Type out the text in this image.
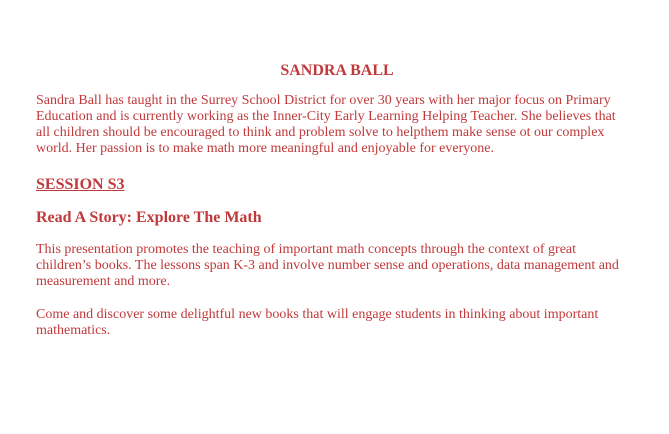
SANDRA BALL

Sandra Ball has taught in the Surrey School District for over 30 years with her major focus on Primary Education and is currently working as the Inner-City Early Learning Helping Teacher. She believes that all children should be encouraged to think and problem solve to helpthem make sense ot our complex world. Her passion is to make math more meaningful and enjoyable for everyone.

SESSION S3
Read A Story: Explore The Math

This presentation promotes the teaching of important math concepts through the context of great children’s books. The lessons span K-3 and involve number sense and operations, data management and measurement and more.

Come and discover some delightful new books that will engage students in thinking about important mathematics.
